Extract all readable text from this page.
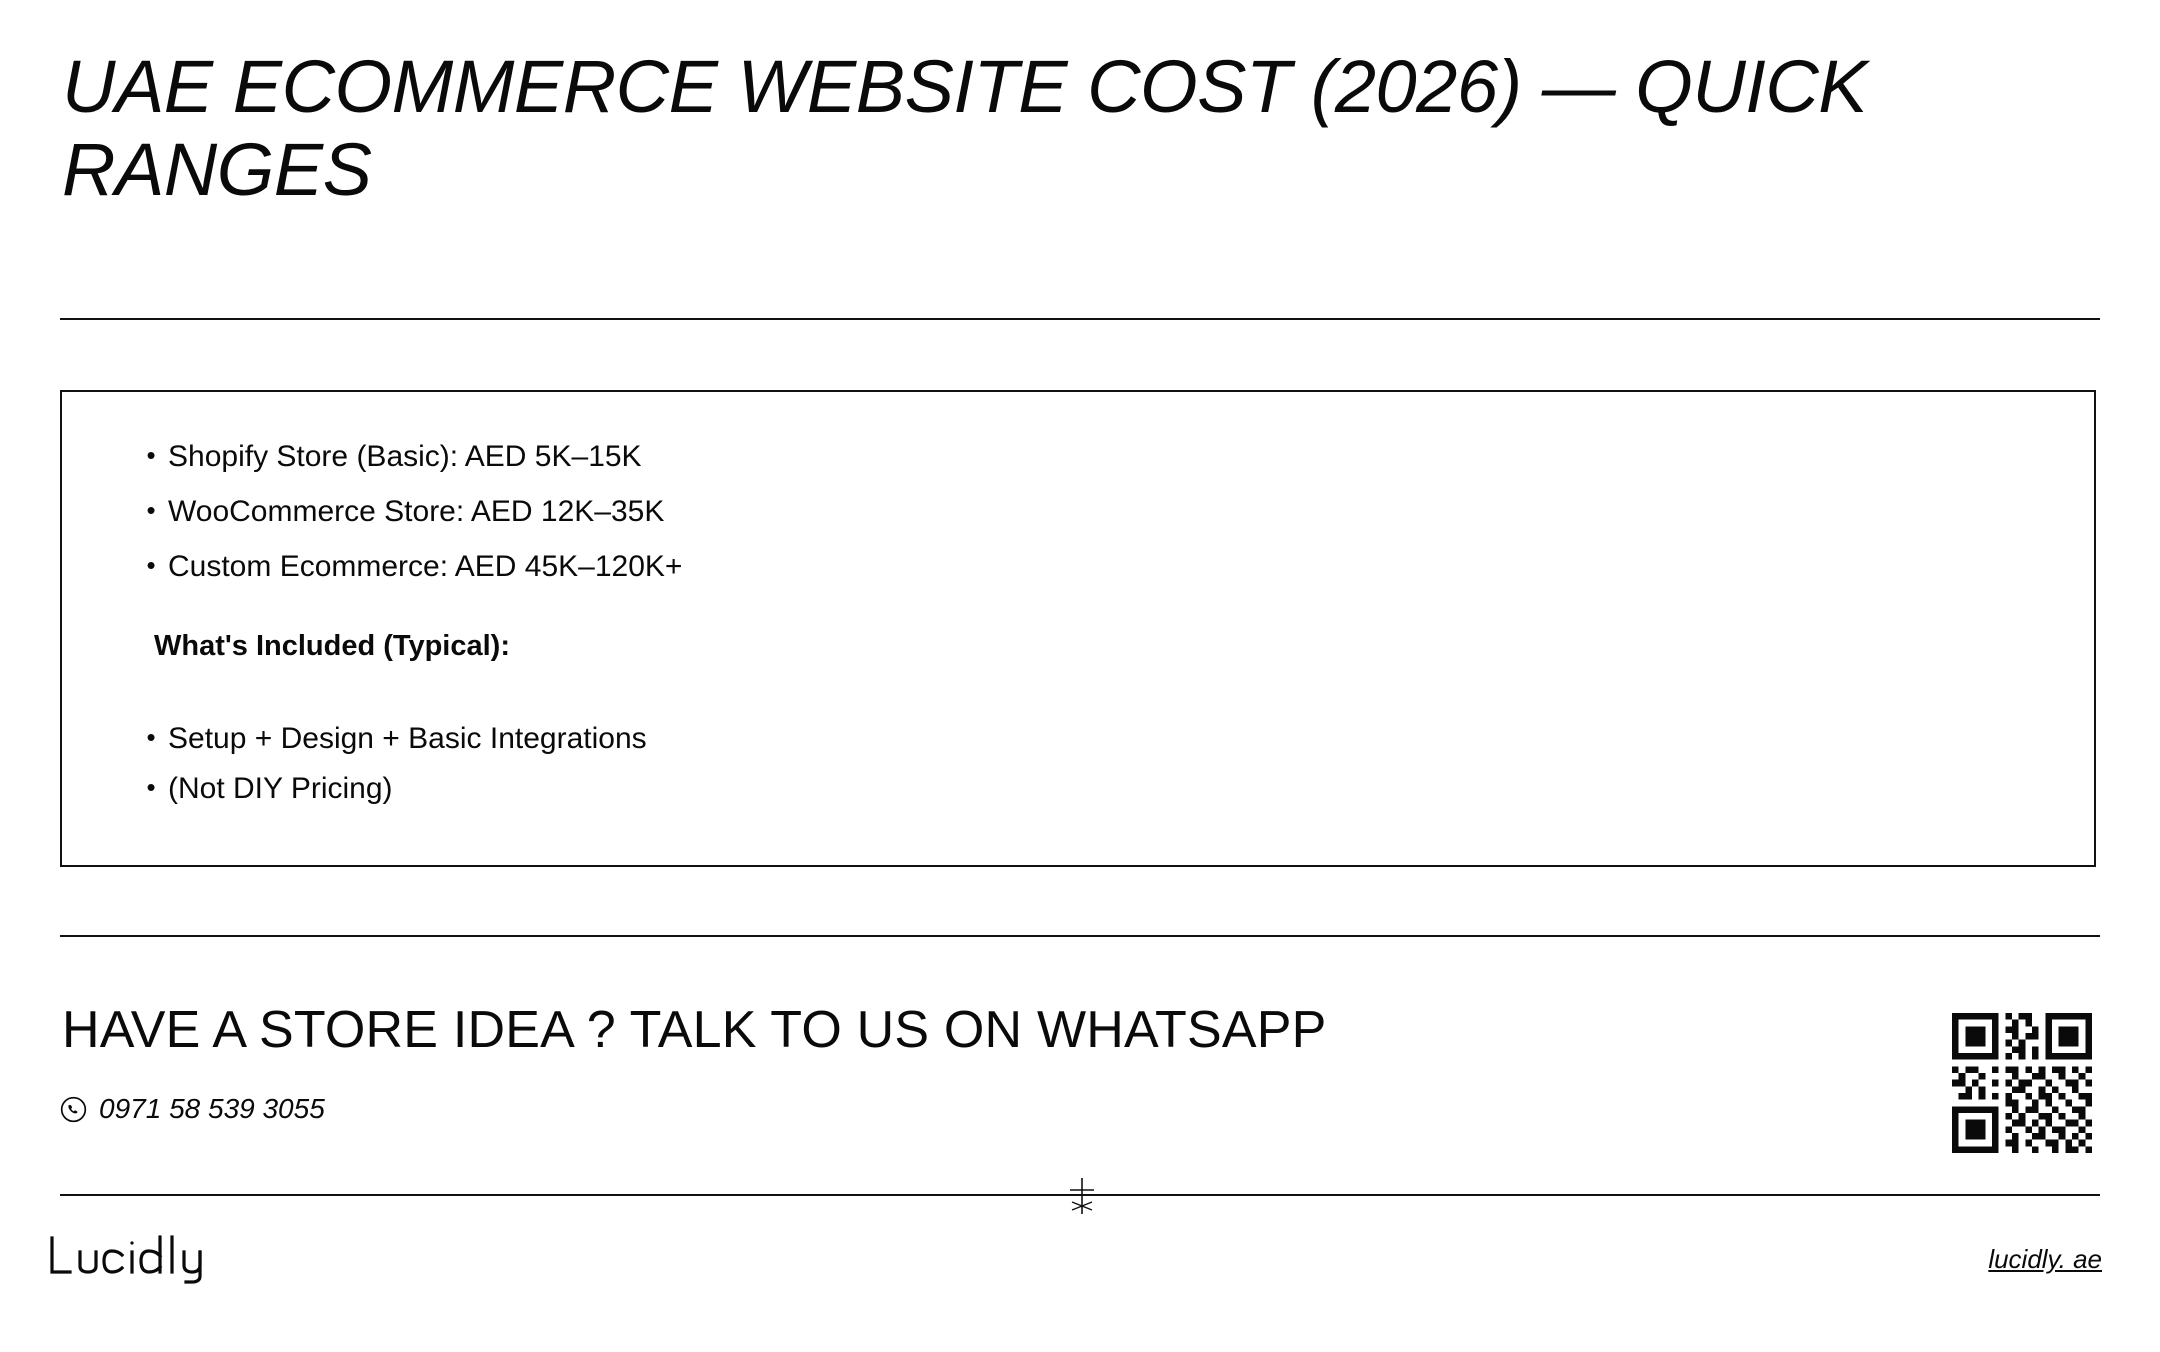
UAE ECOMMERCE WEBSITE COST (2026) — QUICK RANGES
• Shopify Store (Basic): AED 5K–15K
• WooCommerce Store: AED 12K–35K
• Custom Ecommerce: AED 45K–120K+
What's Included (Typical):
• Setup + Design + Basic Integrations
• (Not DIY Pricing)
HAVE A STORE IDEA ? TALK TO US ON WHATSAPP
0971 58 539 3055
lucidly. ae
